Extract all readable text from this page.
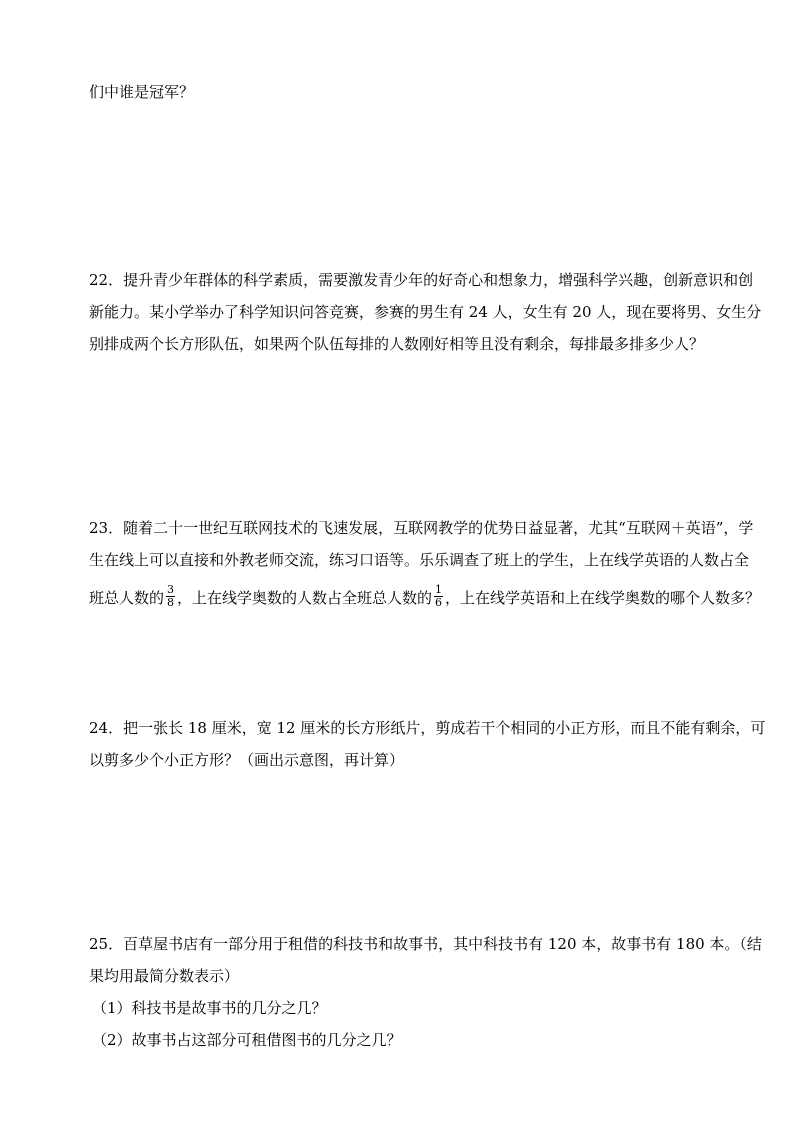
们中谁是冠军？
22．提升青少年群体的科学素质，需要激发青少年的好奇心和想象力，增强科学兴趣，创新意识和创
新能力。某小学举办了科学知识问答竞赛，参赛的男生有 24 人，女生有 20 人，现在要将男、女生分
别排成两个长方形队伍，如果两个队伍每排的人数刚好相等且没有剩余，每排最多排多少人？
23．随着二十一世纪互联网技术的飞速发展，互联网教学的优势日益显著，尤其“互联网＋英语”，学
生在线上可以直接和外教老师交流，练习口语等。乐乐调查了班上的学生，上在线学英语的人数占全
班总人数的 $\frac{3}{8}$ ，上在线学奥数的人数占全班总人数的 $\frac{1}{6}$ ，上在线学英语和上在线学奥数的哪个人数多？
24．把一张长 18 厘米，宽 12 厘米的长方形纸片，剪成若干个相同的小正方形，而且不能有剩余，可
以剪多少个小正方形？（画出示意图，再计算）
25．百草屋书店有一部分用于租借的科技书和故事书，其中科技书有 120 本，故事书有 180 本。（结
果均用最简分数表示）
（1）科技书是故事书的几分之几？
（2）故事书占这部分可租借图书的几分之几？
